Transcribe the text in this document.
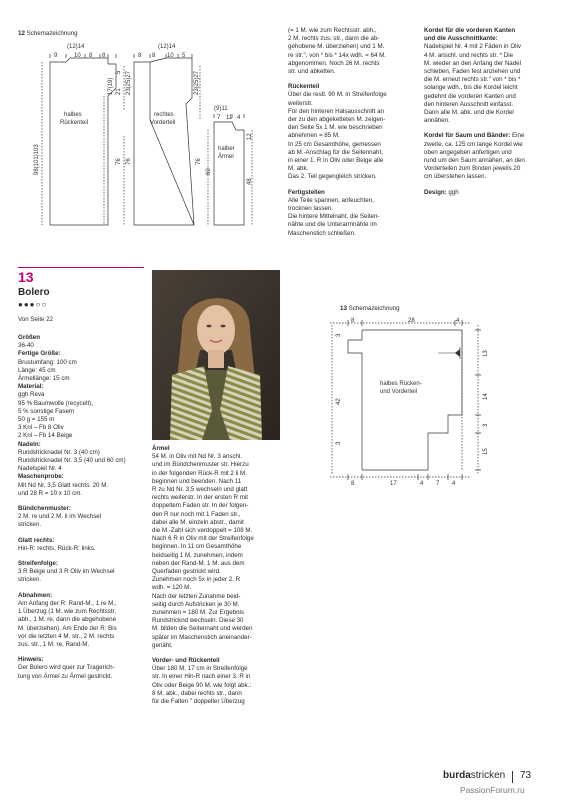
12 Schemazeichnung
(12)14
9	10 8 8
halbes
Rückenteil
98(101)103	76
17(19) 21
5 23(25)27
(12)14
8 8 10 5
rechtes
Vorderteil
76	76
23(25)27
(9)11
7 11 4
halber
Ärmel
60
48
12
(= 1 M. wie zum Rechtsstr. abh.,
2 M. rechts zus. str., dann die ab-
gehobene M. überziehen) und 1 M.
re str.", von * bis * 14x wdh. = 64 M.
abgenommen. Noch 26 M. rechts
str. und abketten.
Rückenteil
Über die restl. 90 M. in Streifenfolge
weiterstr.
Für den hinteren Halsausschnitt an
der zu den abgeketteten M. zeigen-
den Seite 5x 1 M. wie beschrieben
abnehmen = 85 M.
In 25 cm Gesamthöhe, gemessen
ab M.-Anschlag für die Seitennaht,
in einer 1. R in Oliv oder Beige alle
M. abk.
Das 2. Teil gegengleich stricken.
Fertigstellen
Alle Teile spannen, anfeuchten,
trocknen lassen.
Die hintere Mittelnaht, die Seiten-
nähte und die Unterarmnähte im
Maschenstich schließen.
Kordel für die vorderen Kanten
und die Ausschnittkante:
Nadelspiel Nr. 4 mit 2 Fäden in Oliv
4 M. anschl. und rechts str. * Die
M. wieder an den Anfang der Nadel
schieben, Faden fest anziehen und
die M. erneut rechts str." von * bis *
solange wdh., bis die Kordel leicht
gedehnt die vorderen Kanten und
den hinteren Ausschnitt einfasst.
Dann alle M. abk. und die Kordel
annähen.
Kordel für Saum und Bänder: Eine
zweite, ca. 125 cm lange Kordel wie
oben angegeben anfertigen und
rund um den Saum annähen, an den
Vorderteilen zum Binden jeweils 20
cm überstehen lassen.
Design: ggh
13
Bolero
●●●○○
Von Seite 22
Größen
36-40
Fertige Größe:
Brustumfang: 100 cm
Länge: 45 cm
Ärmellänge: 15 cm
Material:
ggh Reva
95 % Baumwolle (recycelt),
5 % sonstige Fasern
50 g = 155 m
3 Knl – Fb 8 Oliv
2 Knl – Fb 14 Beige
Nadeln:
Rundstricknadel Nr. 3 (40 cm)
Rundstricknadel Nr. 3,5 (40 und 60 cm)
Nadelspiel Nr. 4
Maschenprobe:
Mit Nd Nr. 3,5 Glatt rechts: 20 M.
und 28 R = 10 x 10 cm.
Bündchenmuster:
2 M. re und 2 M. li im Wechsel
stricken.
Glatt rechts:
Hin-R: rechts, Rück-R: links.
Streifenfolge:
3 R Beige und 3 R Oliv im Wechsel
stricken.
Abnahmen:
Am Anfang der R: Rand-M., 1 re M.,
1 Überzug (1 M. wie zum Rechtsstr.
abh., 1 M. re, dann die abgehobene
M. überziehen). Am Ende der R: Bis
vor die letzten 4 M. str., 2 M. rechts
zus. str., 1 M. re, Rand-M.
Hinweis:
Der Bolero wird quer zur Tragerich-
tung von Ärmel zu Ärmel gestrickt.
Ärmel
54 M. in Oliv mit Nd Nr. 3 anschl.
und im Bündchenmuster str. Hierzu
in der folgenden Rück-R mit 2 li M.
beginnen und beenden. Nach 11
R zu Nd Nr. 3,5 wechseln und glatt
rechts weiterstr. In der ersten R mit
doppeltem Faden str. In der folgen-
den R nur noch mit 1 Faden str.,
dabei alle M. einzeln abstr., damit
die M.-Zahl sich verdoppelt = 108 M.
Nach 6 R in Oliv mit der Streifenfolge
beginnen. In 11 cm Gesamthöhe
beidseitig 1 M. zunehmen, indem
neben der Rand-M. 1 M. aus dem
Querfaden gestrickt wird.
Zunehmen noch 5x in jeder 2. R
wdh. = 120 M.
Nach der letzten Zunahme beid-
seitig durch Aufstricken je 30 M.
zunehmen = 180 M. Zur Ergebnis
Rundstricknd wechseln. Diese 30
M. bilden die Seitennaht und werden
später im Maschenstich aneinander-
genäht.
Vorder- und Rückenteil
Über 180 M. 17 cm in Streifenfolge
str. In einer Hin-R nach einer 3. R in
Oliv oder Beige 90 M. wie folgt abk.:
8 M. abk., dabei rechts str., dann
für die Falten " doppelter Überzug
13 Schemazeichnung
8	28	4
8	17	4 7 4
3
3
42
13
14
3
15
halbes Rücken-
und Vorderteil
burdastricken 73
PassionForum.ru
